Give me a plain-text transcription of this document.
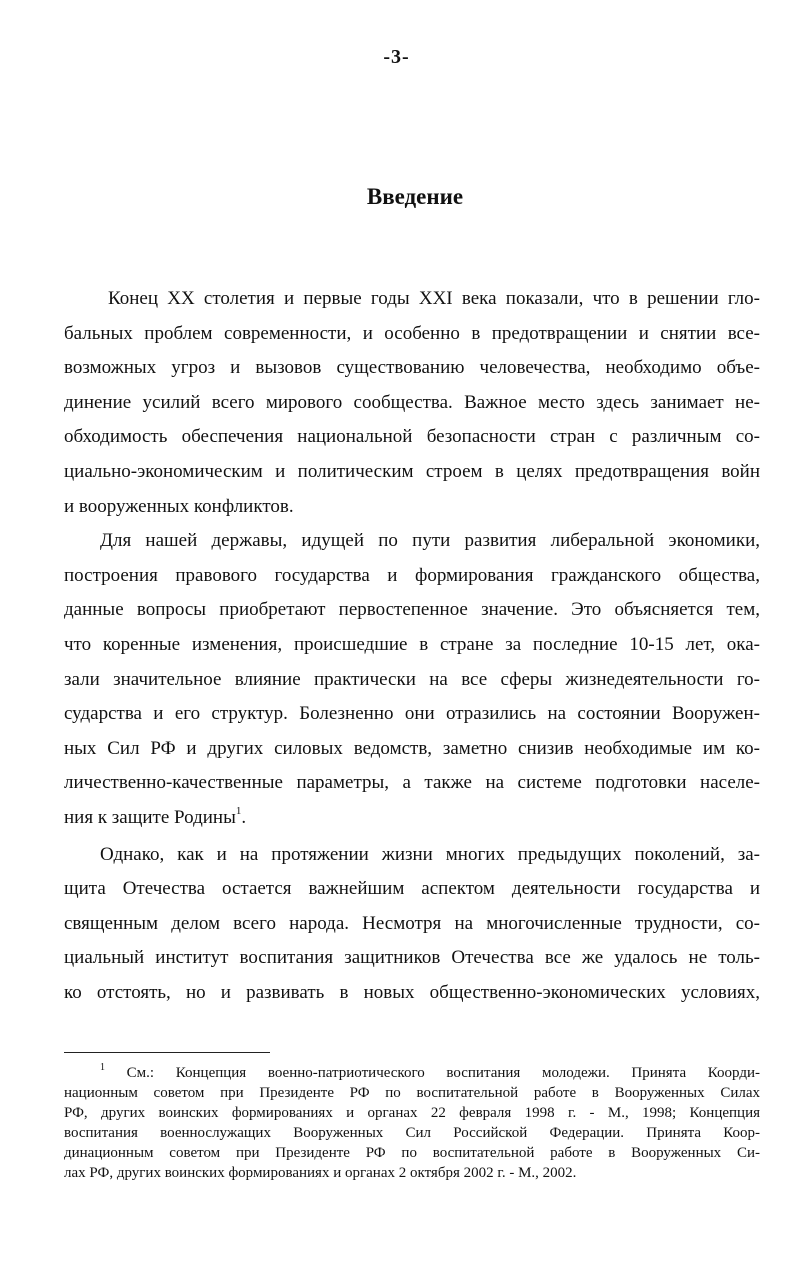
-3-
Введение
Конец XX столетия и первые годы XXI века показали, что в решении гло-
бальных проблем современности, и особенно в предотвращении и снятии все-
возможных угроз и вызовов существованию человечества, необходимо объе-
динение усилий всего мирового сообщества. Важное место здесь занимает не-
обходимость обеспечения национальной безопасности стран с различным со-
циально-экономическим и политическим строем в целях предотвращения войн
и вооруженных конфликтов.
Для нашей державы, идущей по пути развития либеральной экономики,
построения правового государства и формирования гражданского общества,
данные вопросы приобретают первостепенное значение. Это объясняется тем,
что коренные изменения, происшедшие в стране за последние 10-15 лет, ока-
зали значительное влияние практически на все сферы жизнедеятельности го-
сударства и его структур. Болезненно они отразились на состоянии Вооружен-
ных Сил РФ и других силовых ведомств, заметно снизив необходимые им ко-
личественно-качественные параметры, а также на системе подготовки населе-
ния к защите Родины$^1$.
Однако, как и на протяжении жизни многих предыдущих поколений, за-
щита Отечества остается важнейшим аспектом деятельности государства и
священным делом всего народа. Несмотря на многочисленные трудности, со-
циальный институт воспитания защитников Отечества все же удалось не толь-
ко отстоять, но и развивать в новых общественно-экономических условиях,
$^1$ См.: Концепция военно-патриотического воспитания молодежи. Принята Коорди-
национным советом при Президенте РФ по воспитательной работе в Вооруженных Силах
РФ, других воинских формированиях и органах 22 февраля 1998 г. - М., 1998; Концепция
воспитания военнослужащих Вооруженных Сил Российской Федерации. Принята Коор-
динационным советом при Президенте РФ по воспитательной работе в Вооруженных Си-
лах РФ, других воинских формированиях и органах 2 октября 2002 г. - М., 2002.
